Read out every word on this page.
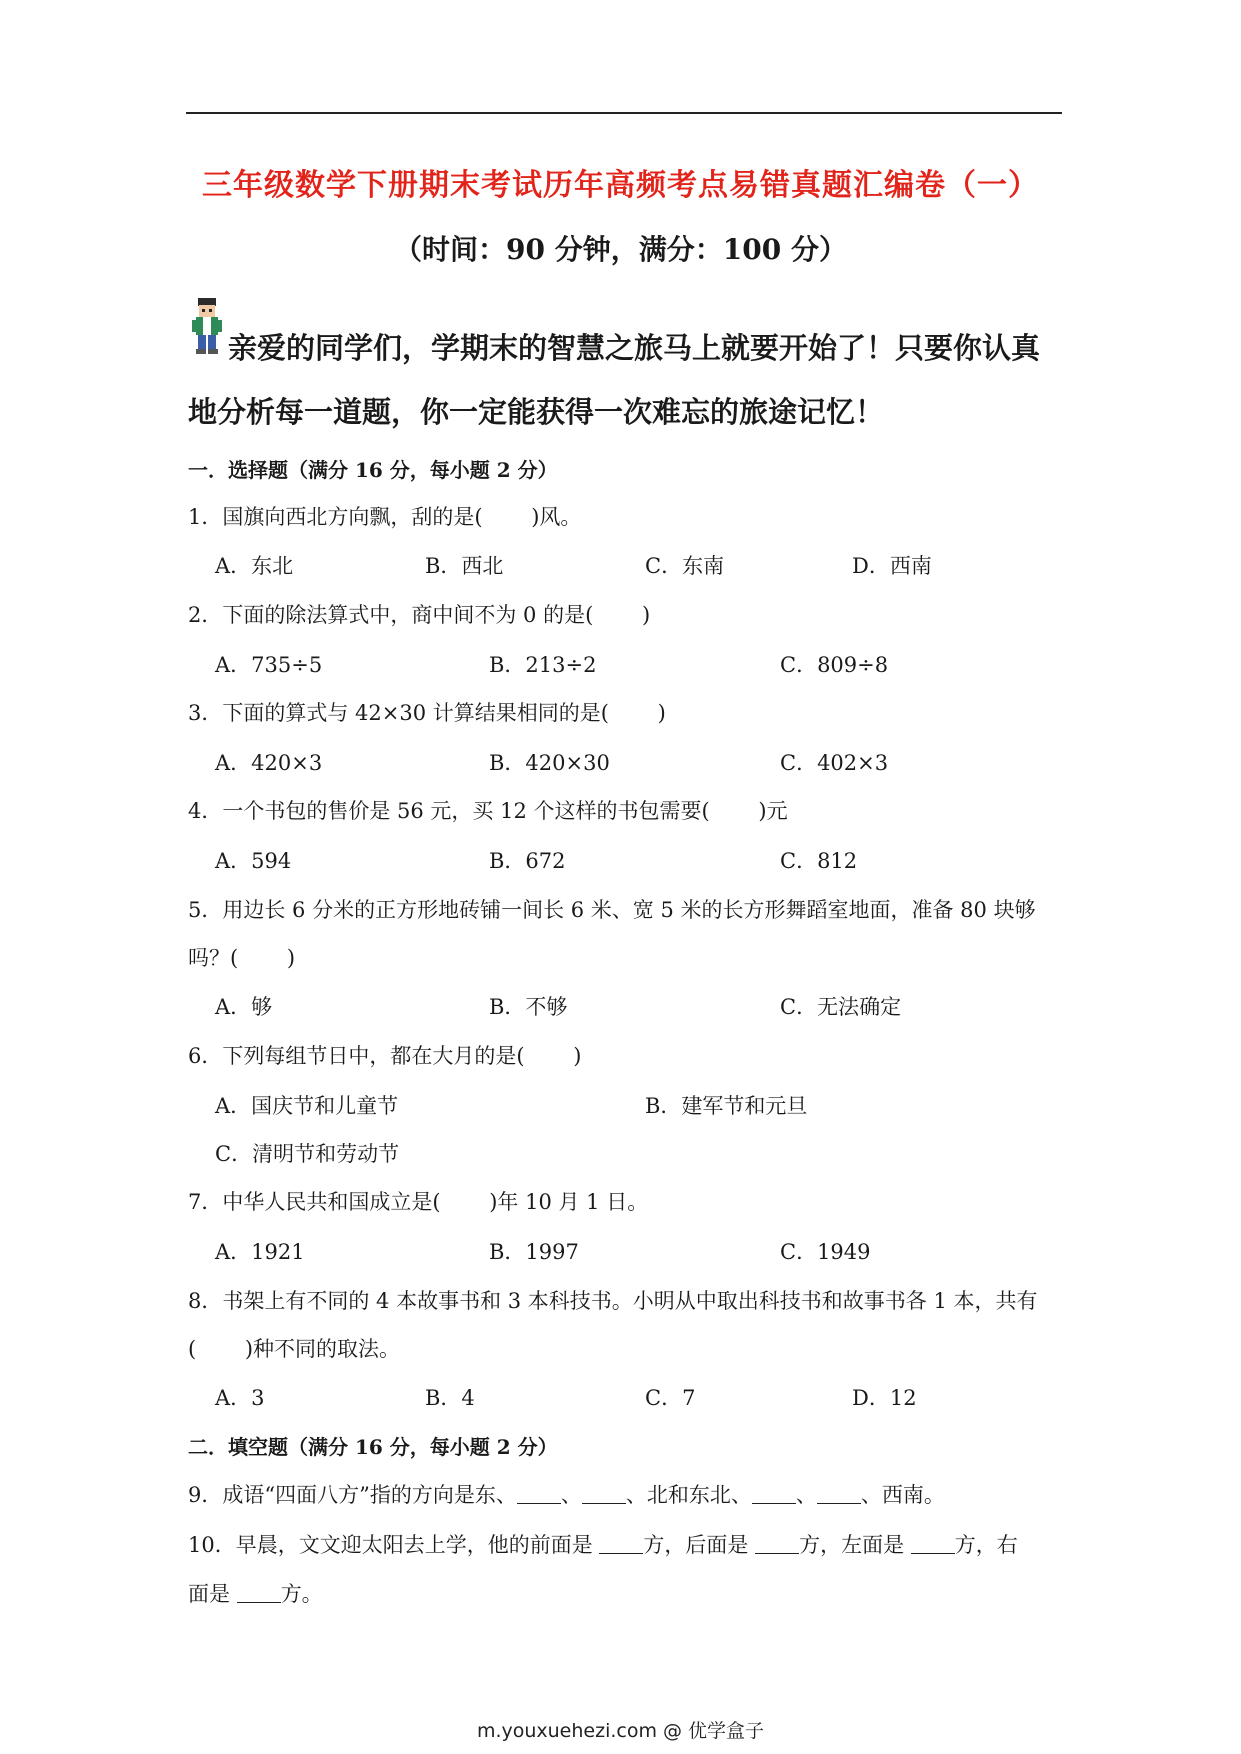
三年级数学下册期末考试历年高频考点易错真题汇编卷（一）
（时间：90 分钟，满分：100 分）
亲爱的同学们，学期末的智慧之旅马上就要开始了！只要你认真
地分析每一道题，你一定能获得一次难忘的旅途记忆！
一．选择题（满分 16 分，每小题 2 分）
1．国旗向西北方向飘，刮的是(　　 )风。
A．东北	B．西北	C．东南	D．西南
2．下面的除法算式中，商中间不为 0 的是(　　 )
A．735÷5	B．213÷2	C．809÷8
3．下面的算式与 42×30 计算结果相同的是(　　 )
A．420×3	B．420×30	C．402×3
4．一个书包的售价是 56 元，买 12 个这样的书包需要(　　 )元
A．594	B．672	C．812
5．用边长 6 分米的正方形地砖铺一间长 6 米、宽 5 米的长方形舞蹈室地面，准备 80 块够
吗？(　　 )
A．够	B．不够	C．无法确定
6．下列每组节日中，都在大月的是(　　 )
A．国庆节和儿童节	B．建军节和元旦
C．清明节和劳动节
7．中华人民共和国成立是(　　 )年 10 月 1 日。
A．1921	B．1997	C．1949
8．书架上有不同的 4 本故事书和 3 本科技书。小明从中取出科技书和故事书各 1 本，共有
(　　 )种不同的取法。
A．3	B．4	C．7	D．12
二．填空题（满分 16 分，每小题 2 分）
9．成语“四面八方”指的方向是东、 、 、北和东北、 、 、西南。
10．早晨，文文迎太阳去上学，他的前面是 方，后面是 方，左面是 方，右
面是 方。
m.youxuehezi.com @ 优学盒子
